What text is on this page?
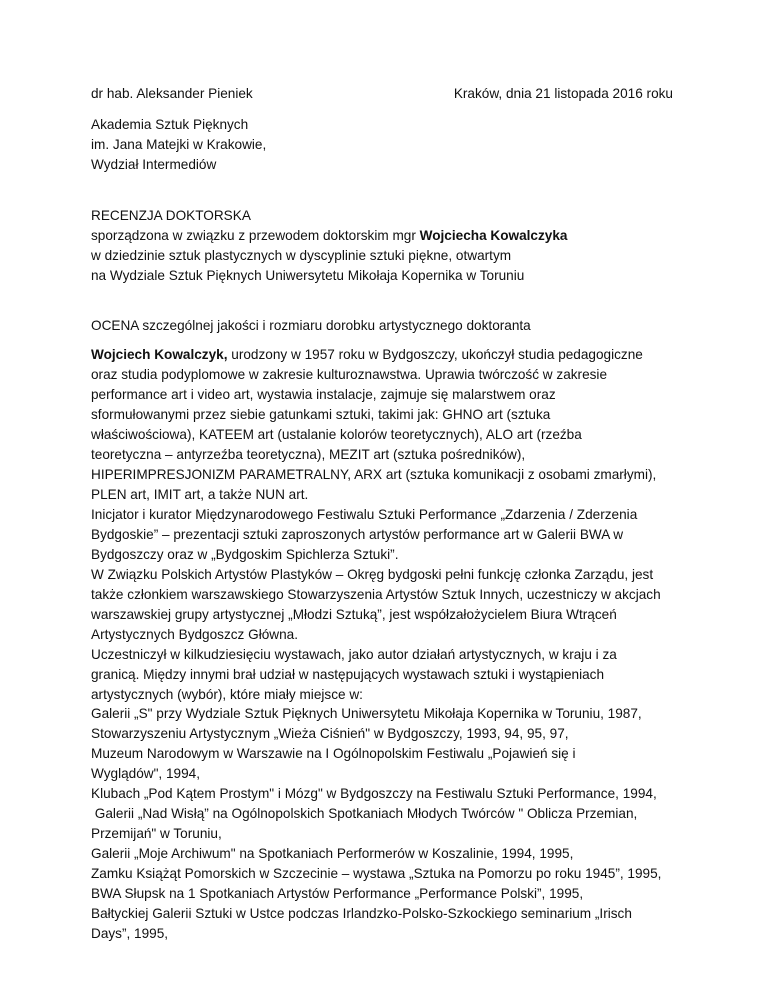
dr hab. Aleksander Pieniek	Kraków, dnia 21 listopada 2016 roku
Akademia Sztuk Pięknych
im. Jana Matejki w Krakowie,
Wydział Intermediów
RECENZJA DOKTORSKA
sporządzona w związku z przewodem doktorskim mgr Wojciecha Kowalczyka
w dziedzinie sztuk plastycznych w dyscyplinie sztuki piękne, otwartym
na Wydziale Sztuk Pięknych Uniwersytetu Mikołaja Kopernika w Toruniu
OCENA szczególnej jakości i rozmiaru dorobku artystycznego doktoranta
Wojciech Kowalczyk, urodzony w 1957 roku w Bydgoszczy, ukończył studia pedagogiczne
oraz studia podyplomowe w zakresie kulturoznawstwa. Uprawia twórczość w zakresie
performance art i video art, wystawia instalacje, zajmuje się malarstwem oraz
sformułowanymi przez siebie gatunkami sztuki, takimi jak: GHNO art (sztuka
właściwościowa), KATEEM art (ustalanie kolorów teoretycznych), ALO art (rzeźba
teoretyczna – antyrzeźba teoretyczna), MEZIT art (sztuka pośredników),
HIPERIMPRESJONIZM PARAMETRALNY, ARX art (sztuka komunikacji z osobami zmarłymi),
PLEN art, IMIT art, a także NUN art.
Inicjator i kurator Międzynarodowego Festiwalu Sztuki Performance „Zdarzenia / Zderzenia
Bydgoskie” – prezentacji sztuki zaproszonych artystów performance art w Galerii BWA w
Bydgoszczy oraz w „Bydgoskim Spichlerza Sztuki”.
W Związku Polskich Artystów Plastyków – Okręg bydgoski pełni funkcję członka Zarządu, jest
także członkiem warszawskiego Stowarzyszenia Artystów Sztuk Innych, uczestniczy w akcjach
warszawskiej grupy artystycznej „Młodzi Sztuką”, jest współzałożycielem Biura Wtrąceń
Artystycznych Bydgoszcz Główna.
Uczestniczył w kilkudziesięciu wystawach, jako autor działań artystycznych, w kraju i za
granicą. Między innymi brał udział w następujących wystawach sztuki i wystąpieniach
artystycznych (wybór), które miały miejsce w:
Galerii „S" przy Wydziale Sztuk Pięknych Uniwersytetu Mikołaja Kopernika w Toruniu, 1987,
Stowarzyszeniu Artystycznym „Wieża Ciśnień" w Bydgoszczy, 1993, 94, 95, 97,
Muzeum Narodowym w Warszawie na I Ogólnopolskim Festiwalu „Pojawień się i
Wyglądów", 1994,
Klubach „Pod Kątem Prostym" i Mózg" w Bydgoszczy na Festiwalu Sztuki Performance, 1994,
Galerii „Nad Wisłą” na Ogólnopolskich Spotkaniach Młodych Twórców " Oblicza Przemian,
Przemijań" w Toruniu,
Galerii „Moje Archiwum" na Spotkaniach Performerów w Koszalinie, 1994, 1995,
Zamku Książąt Pomorskich w Szczecinie – wystawa „Sztuka na Pomorzu po roku 1945”, 1995,
BWA Słupsk na 1 Spotkaniach Artystów Performance „Performance Polski”, 1995,
Bałtyckiej Galerii Sztuki w Ustce podczas Irlandzko-Polsko-Szkockiego seminarium „Irisch
Days”, 1995,
